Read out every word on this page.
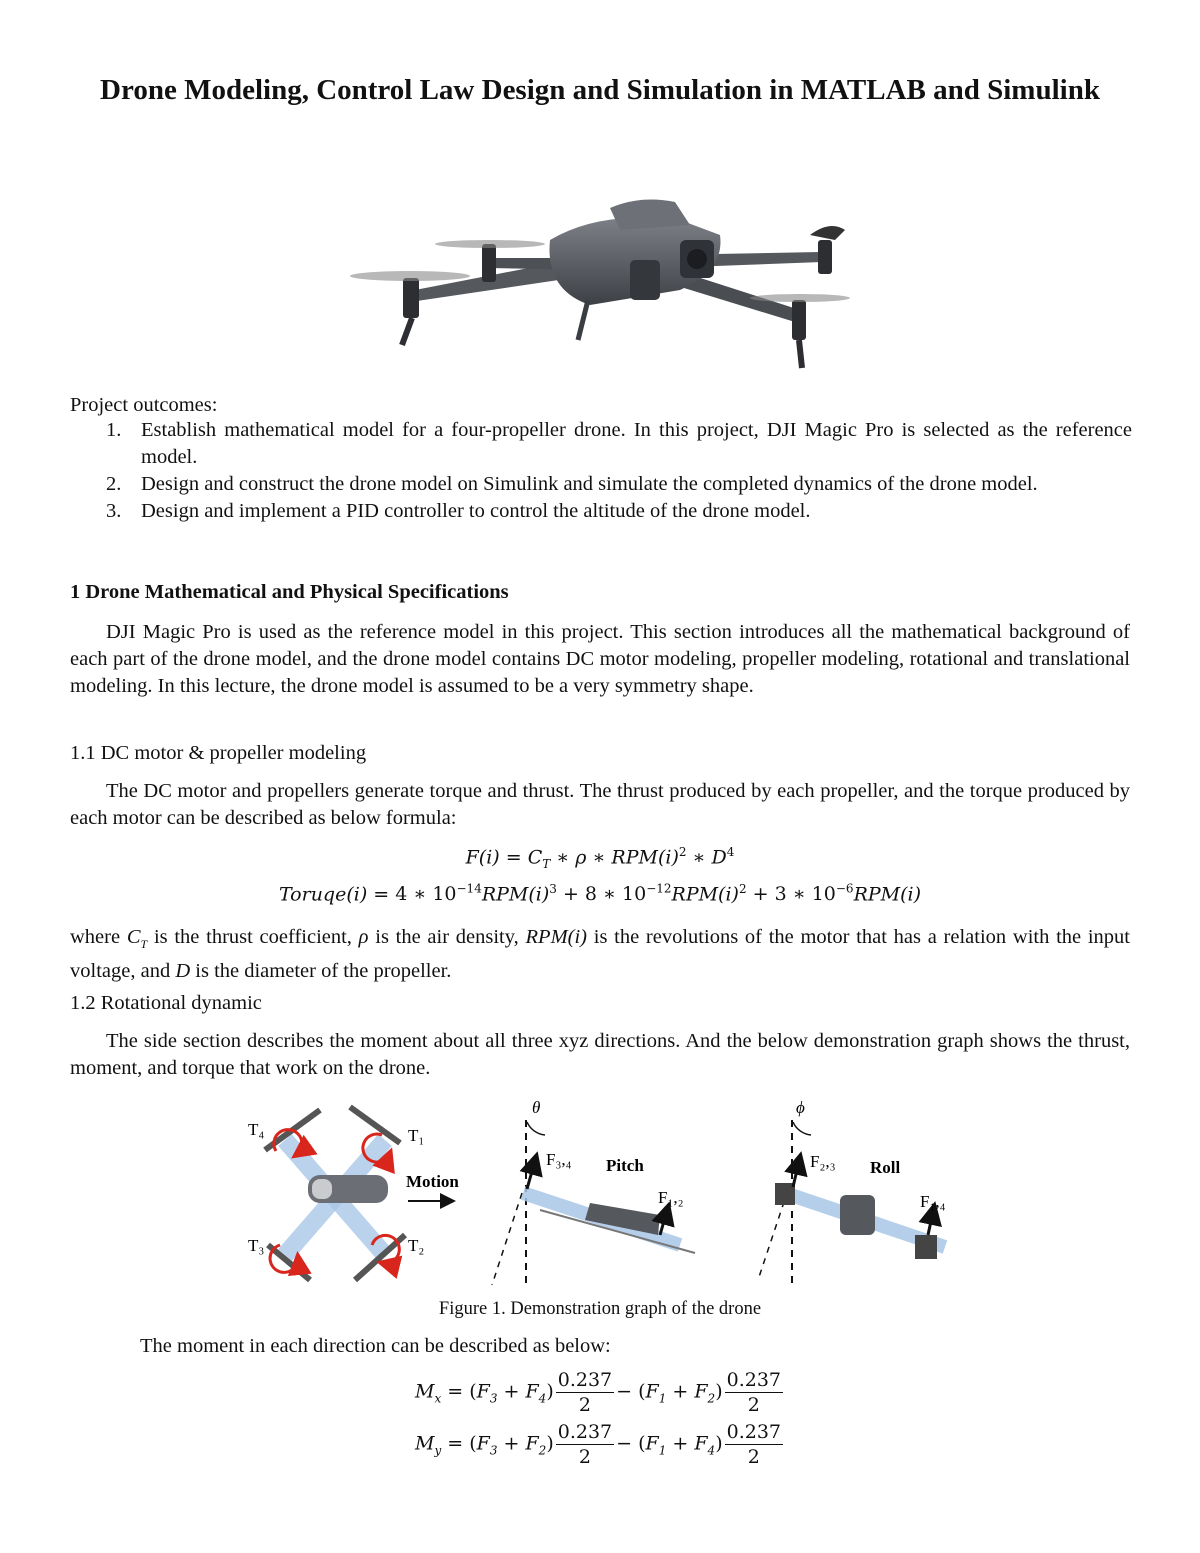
Drone Modeling, Control Law Design and Simulation in MATLAB and Simulink
Project outcomes:
1. Establish mathematical model for a four-propeller drone. In this project, DJI Magic Pro is selected as the reference model.
2. Design and construct the drone model on Simulink and simulate the completed dynamics of the drone model.
3. Design and implement a PID controller to control the altitude of the drone model.
1 Drone Mathematical and Physical Specifications
DJI Magic Pro is used as the reference model in this project. This section introduces all the mathematical background of each part of the drone model, and the drone model contains DC motor modeling, propeller modeling, rotational and translational modeling. In this lecture, the drone model is assumed to be a very symmetry shape.
1.1 DC motor & propeller modeling
The DC motor and propellers generate torque and thrust. The thrust produced by each propeller, and the torque produced by each motor can be described as below formula:
$F(i) = C_T$ ∗ ρ ∗ $RPM(i)^2$ ∗ $D^4$
Toruqe(i) = 4 ∗ $10^{-14}RPM(i)^3 + 8$ ∗ $10^{-12}RPM(i)^2 + 3$ ∗ $10^{-6}RPM(i)$
where $C_T$ is the thrust coefficient, ρ is the air density, RPM(i) is the revolutions of the motor that has a relation with the input voltage, and D is the diameter of the propeller.
1.2 Rotational dynamic
The side section describes the moment about all three xyz directions. And the below demonstration graph shows the thrust, moment, and torque that work on the drone.
T₄	T₁
T₃	T₂
Motion
θ
F₃,₄ Pitch
F₁,₂
ϕ
F₂,₃ Roll
F₁,₄
Figure 1. Demonstration graph of the drone
The moment in each direction can be described as below:
$M_x = (F_3 + F_4) \frac{0.237}{2} - (F_1 + F_2) \frac{0.237}{2}$
$M_y = (F_3 + F_2) \frac{0.237}{2} - (F_1 + F_4) \frac{0.237}{2}$
